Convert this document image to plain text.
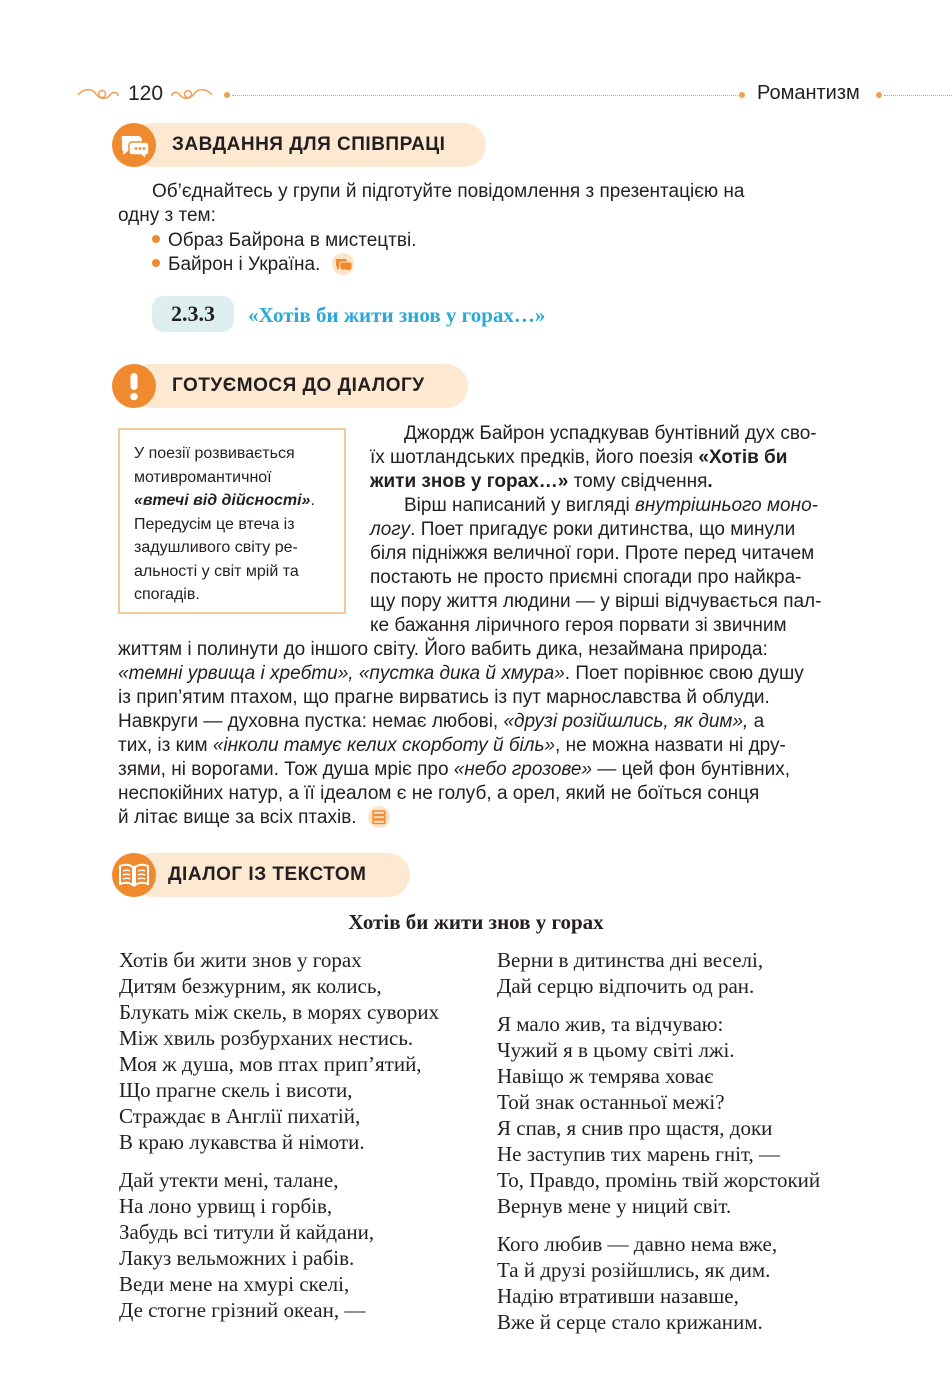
120	Романтизм
ЗАВДАННЯ ДЛЯ СПІВПРАЦІ
Об’єднайтесь у групи й підготуйте повідомлення з презентацією на
одну з тем:
Образ Байрона в мистецтві.
Байрон і Україна.
2.3.3	«Хотів би жити знов у горах…»
ГОТУЄМОСЯ ДО ДІАЛОГУ
У поезії розвивається
мотивромантичної
«втечі від дійсності».
Передусім це втеча із
задушливого світу ре-
альності у світ мрій та
спогадів.
Джордж Байрон успадкував бунтівний дух сво-
їх шотландських предків, його поезія «Хотів би
жити знов у горах…» тому свідчення.
Вірш написаний у вигляді внутрішнього моно-
логу. Поет пригадує роки дитинства, що минули
біля підніжжя величної гори. Проте перед читачем
постають не просто приємні спогади про найкра-
щу пору життя людини — у вірші відчувається пал-
ке бажання ліричного героя порвати зі звичним
життям і полинути до іншого світу. Його вабить дика, незаймана природа:
«темні урвища і хребти», «пустка дика й хмура». Поет порівнює свою душу
із прип’ятим птахом, що прагне вирватись із пут марнославства й облуди.
Навкруги — духовна пустка: немає любові, «друзі розійшлись, як дим», а
тих, із ким «інколи тамує келих скорботу й біль», не можна назвати ні дру-
зями, ні ворогами. Тож душа мріє про «небо грозове» — цей фон бунтівних,
неспокійних натур, а її ідеалом є не голуб, а орел, який не боїться сонця
й літає вище за всіх птахів.
ДІАЛОГ ІЗ ТЕКСТОМ
Хотів би жити знов у горах
Хотів би жити знов у горах
Дитям безжурним, як колись,
Блукать між скель, в морях суворих
Між хвиль розбурханих нестись.
Моя ж душа, мов птах прип’ятий,
Що прагне скель і висоти,
Страждає в Англії пихатій,
В краю лукавства й німоти.
Дай утекти мені, талане,
На лоно урвищ і горбів,
Забудь всі титули й кайдани,
Лакуз вельможних і рабів.
Веди мене на хмурі скелі,
Де стогне грізний океан, —
Верни в дитинства дні веселі,
Дай серцю відпочить од ран.
Я мало жив, та відчуваю:
Чужий я в цьому світі лжі.
Навіщо ж темрява ховає
Той знак останньої межі?
Я спав, я снив про щастя, доки
Не заступив тих марень гніт, —
То, Правдо, промінь твій жорстокий
Вернув мене у ниций світ.
Кого любив — давно нема вже,
Та й друзі розійшлись, як дим.
Надію втративши назавше,
Вже й серце стало крижаним.
